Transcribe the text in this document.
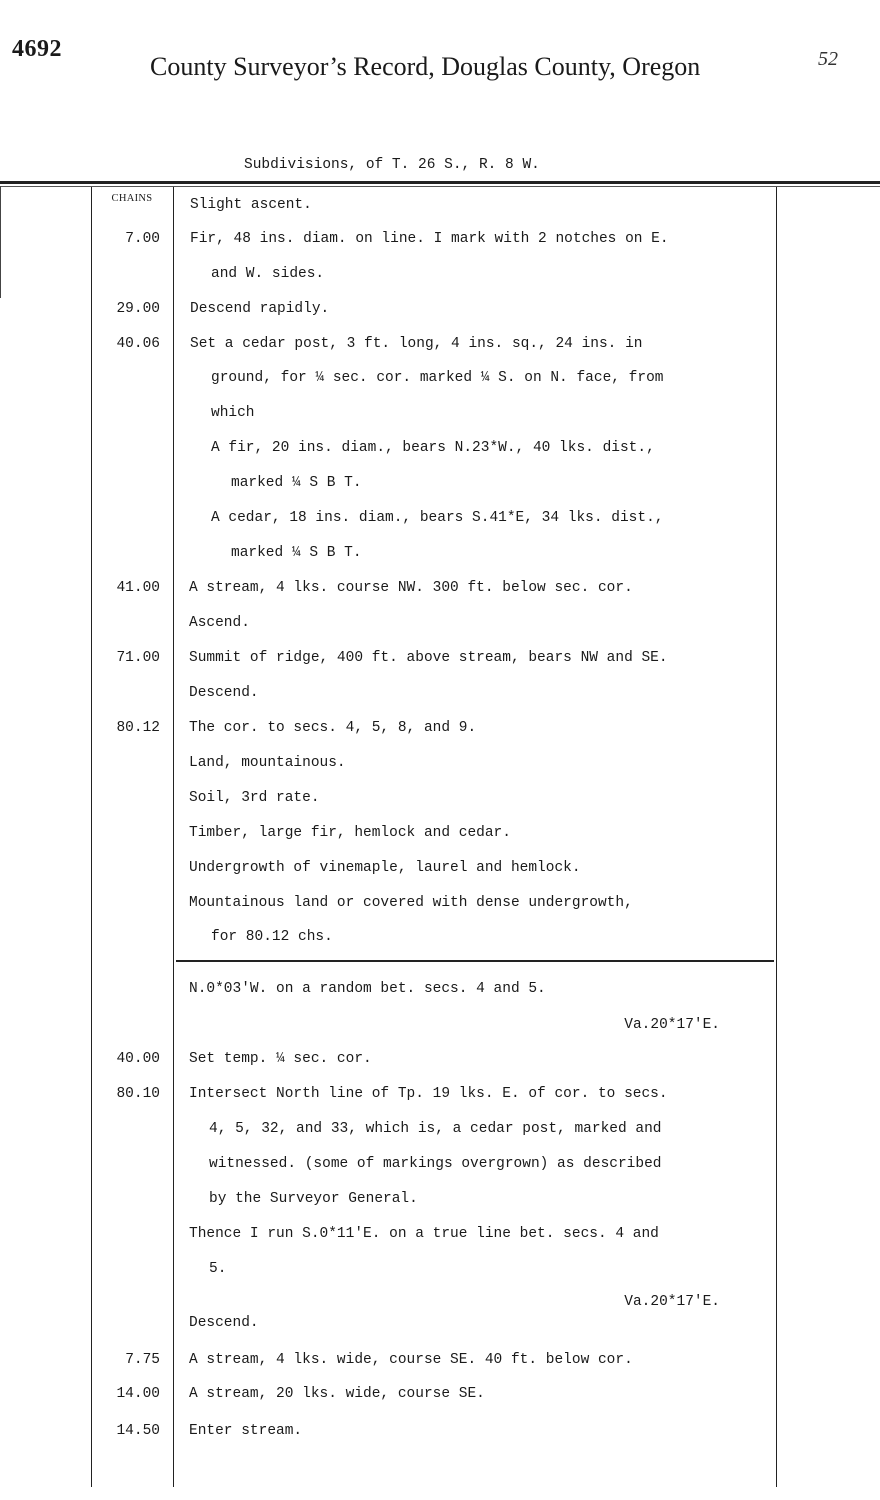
4692
County Surveyor’s Record, Douglas County, Oregon	52
Subdivisions, of T. 26 S., R. 8 W.
CHAINS	Slight ascent.
7.00 Fir, 48 ins. diam. on line. I mark with 2 notches on E.
and W. sides.
29.00 Descend rapidly.
40.06 Set a cedar post, 3 ft. long, 4 ins. sq., 24 ins. in
ground, for ¼ sec. cor. marked ¼ S. on N. face, from
which
A fir, 20 ins. diam., bears N.23*W., 40 lks. dist.,
marked ¼ S B T.
A cedar, 18 ins. diam., bears S.41*E, 34 lks. dist.,
marked ¼ S B T.
41.00 A stream, 4 lks. course NW. 300 ft. below sec. cor.
Ascend.
71.00 Summit of ridge, 400 ft. above stream, bears NW and SE.
Descend.
80.12 The cor. to secs. 4, 5, 8, and 9.
Land, mountainous.
Soil, 3rd rate.
Timber, large fir, hemlock and cedar.
Undergrowth of vinemaple, laurel and hemlock.
Mountainous land or covered with dense undergrowth,
for 80.12 chs.
N.0*03'W. on a random bet. secs. 4 and 5.
Va.20*17'E.
40.00 Set temp. ¼ sec. cor.
80.10 Intersect North line of Tp. 19 lks. E. of cor. to secs.
4, 5, 32, and 33, which is, a cedar post, marked and
witnessed. (some of markings overgrown) as described
by the Surveyor General.
Thence I run S.0*11'E. on a true line bet. secs. 4 and
5.
Va.20*17'E.
Descend.
7.75 A stream, 4 lks. wide, course SE. 40 ft. below cor.
14.00 A stream, 20 lks. wide, course SE.
14.50 Enter stream.
